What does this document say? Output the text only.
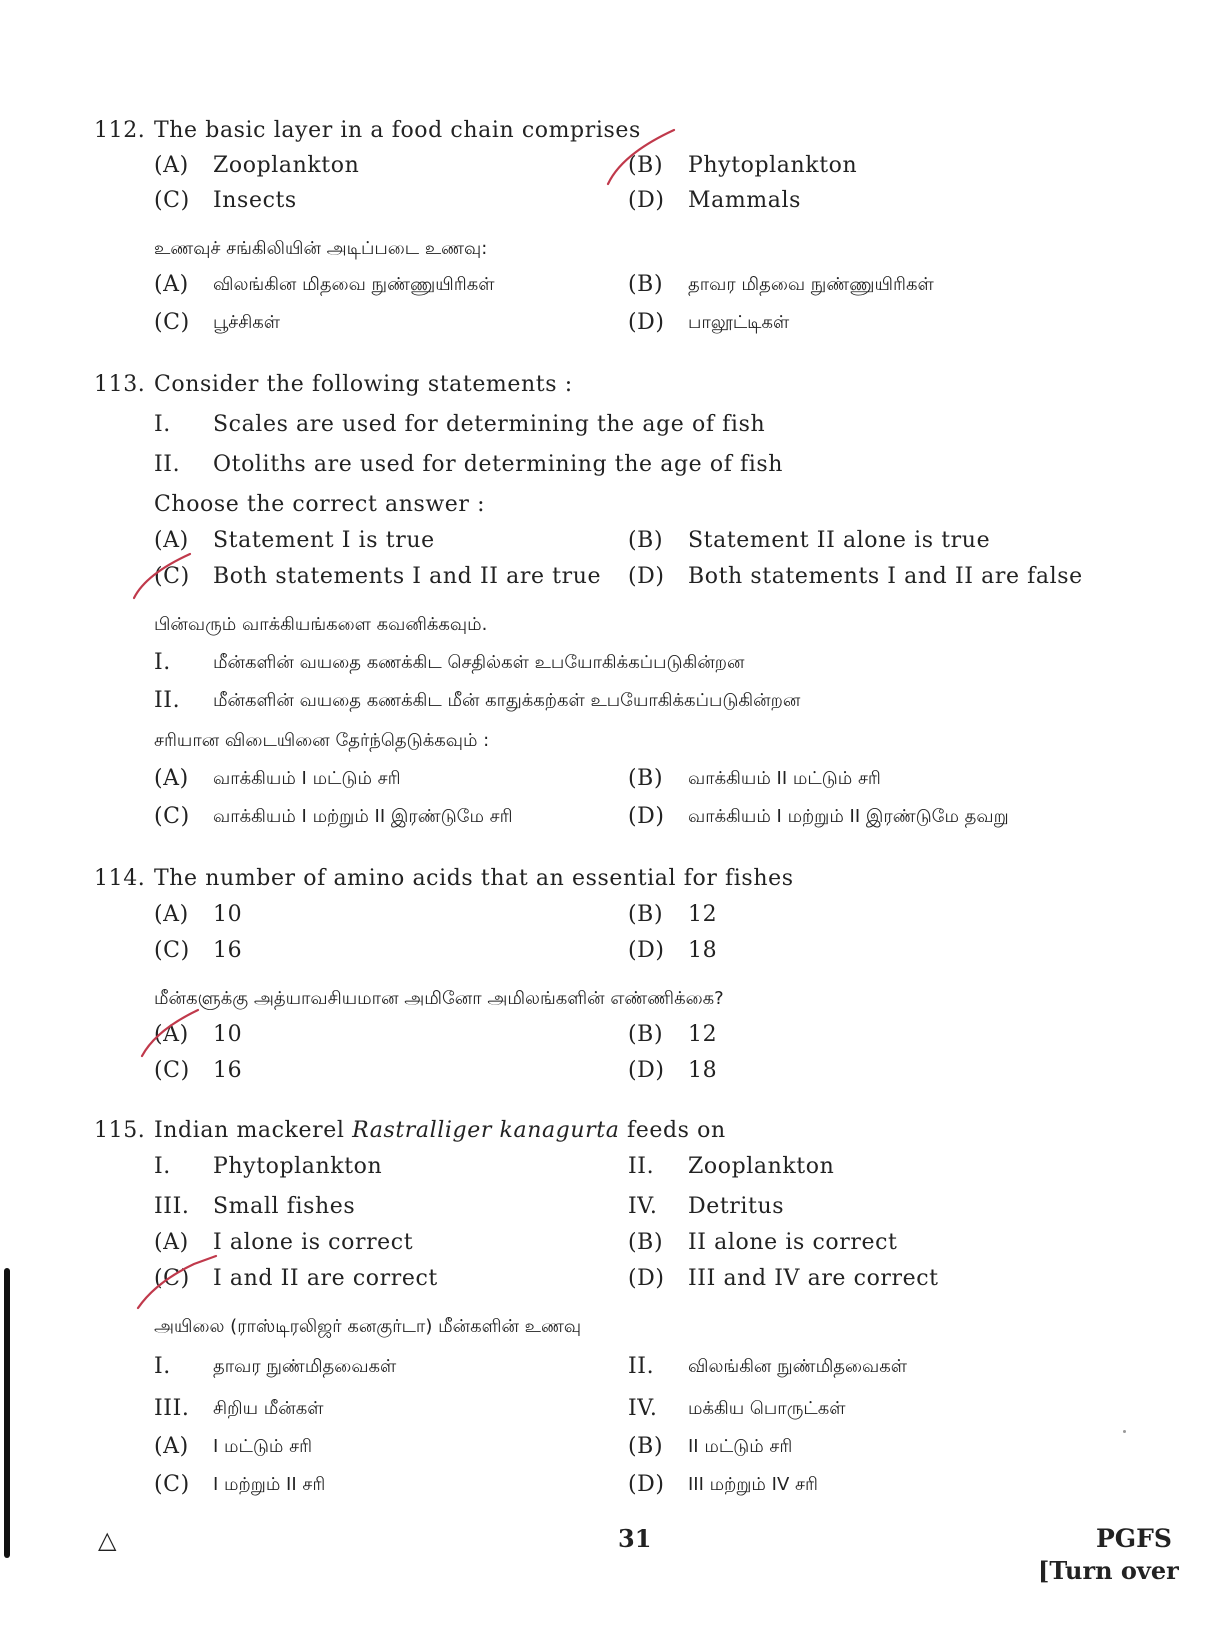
112. The basic layer in a food chain comprises
(A) Zooplankton	(B) Phytoplankton
(C) Insects	(D) Mammals
உணவுச் சங்கிலியின் அடிப்படை உணவு:
(A) விலங்கின மிதவை நுண்ணுயிரிகள்	(B) தாவர மிதவை நுண்ணுயிரிகள்
(C) பூச்சிகள்	(D) பாலூட்டிகள்
113. Consider the following statements :
I. Scales are used for determining the age of fish
II. Otoliths are used for determining the age of fish
Choose the correct answer :
(A) Statement I is true	(B) Statement II alone is true
(C) Both statements I and II are true (D) Both statements I and II are false
பின்வரும் வாக்கியங்களை கவனிக்கவும்.
I. மீன்களின் வயதை கணக்கிட செதில்கள் உபயோகிக்கப்படுகின்றன
II. மீன்களின் வயதை கணக்கிட மீன் காதுக்கற்கள் உபயோகிக்கப்படுகின்றன
சரியான விடையினை தேர்ந்தெடுக்கவும் :
(A) வாக்கியம் I மட்டும் சரி	(B) வாக்கியம் II மட்டும் சரி
(C) வாக்கியம் I மற்றும் II இரண்டுமே சரி	(D) வாக்கியம் I மற்றும் II இரண்டுமே தவறு
114. The number of amino acids that an essential for fishes
(A) 10	(B) 12
(C) 16	(D) 18
மீன்களுக்கு அத்யாவசியமான அமினோ அமிலங்களின் எண்ணிக்கை?
(A) 10	(B) 12
(C) 16	(D) 18
115. Indian mackerel Rastralliger kanagurta feeds on
I. Phytoplankton	II. Zooplankton
III. Small fishes	IV. Detritus
(A) I alone is correct	(B) II alone is correct
(C) I and II are correct	(D) III and IV are correct
அயிலை (ராஸ்டிரலிஜர் கனகுர்டா) மீன்களின் உணவு
I. தாவர நுண்மிதவைகள்	II. விலங்கின நுண்மிதவைகள்
III. சிறிய மீன்கள்	IV. மக்கிய பொருட்கள்
(A) I மட்டும் சரி	(B) II மட்டும் சரி
(C) I மற்றும் II சரி	(D) III மற்றும் IV சரி
△	31	PGFS
[Turn over
